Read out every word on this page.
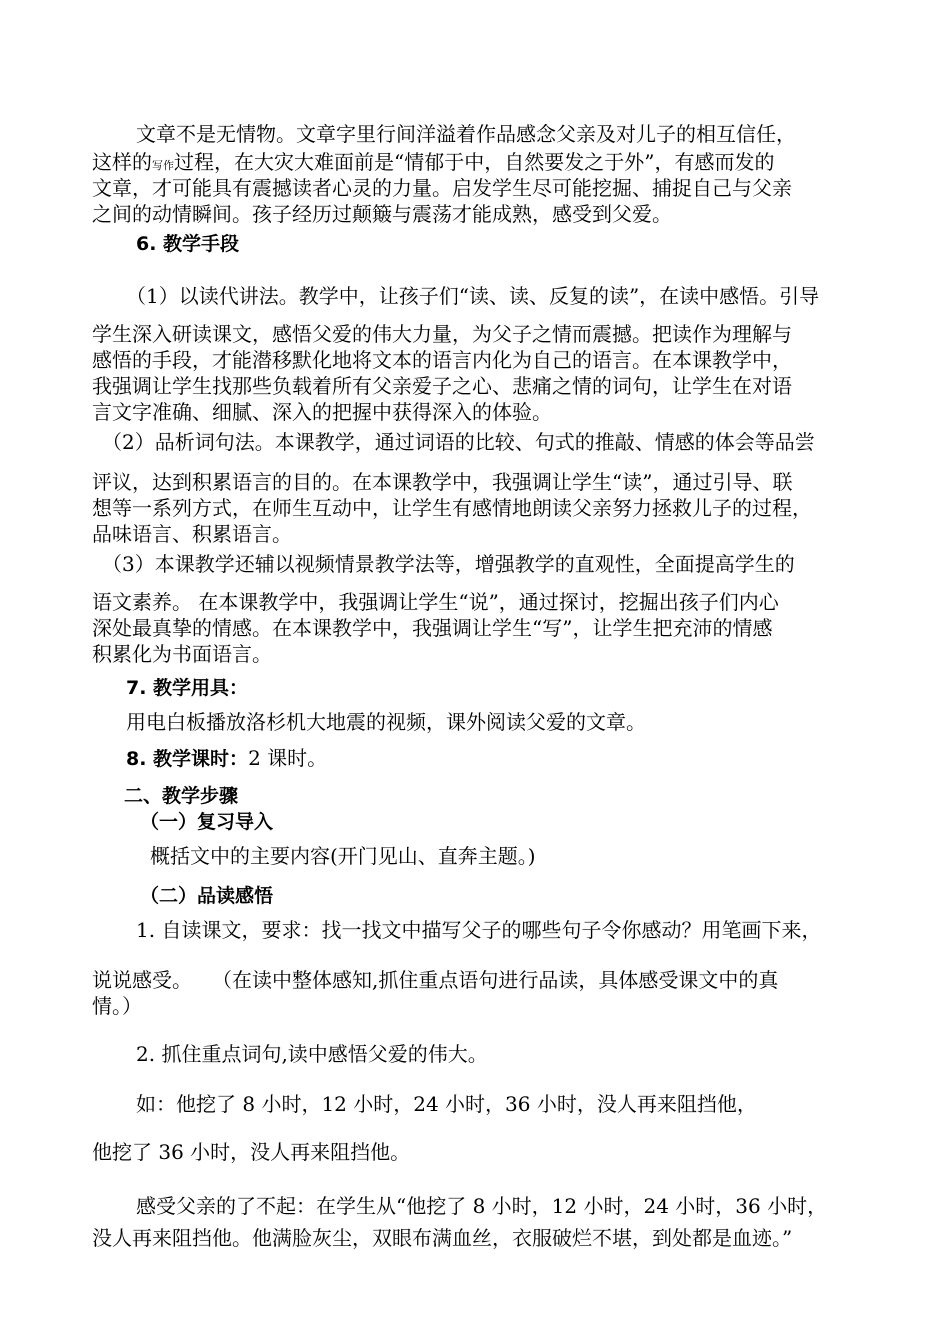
文章不是无情物。文章字里行间洋溢着作品感念父亲及对儿子的相互信任，
这样的写作过程，在大灾大难面前是“情郁于中，自然要发之于外”，有感而发的
文章，才可能具有震撼读者心灵的力量。启发学生尽可能挖掘、捕捉自己与父亲
之间的动情瞬间。孩子经历过颠簸与震荡才能成熟，感受到父爱。
6. 教学手段
（1）以读代讲法。教学中，让孩子们“读、读、反复的读”，在读中感悟。引导
学生深入研读课文，感悟父爱的伟大力量，为父子之情而震撼。把读作为理解与
感悟的手段，才能潜移默化地将文本的语言内化为自己的语言。在本课教学中，
我强调让学生找那些负载着所有父亲爱子之心、悲痛之情的词句，让学生在对语
言文字准确、细腻、深入的把握中获得深入的体验。
（2）品析词句法。本课教学，通过词语的比较、句式的推敲、情感的体会等品尝
评议，达到积累语言的目的。在本课教学中，我强调让学生“读”，通过引导、联
想等一系列方式，在师生互动中，让学生有感情地朗读父亲努力拯救儿子的过程，
品味语言、积累语言。
（3）本课教学还辅以视频情景教学法等，增强教学的直观性，全面提高学生的
语文素养。 在本课教学中，我强调让学生“说”，通过探讨，挖掘出孩子们内心
深处最真挚的情感。在本课教学中，我强调让学生“写”，让学生把充沛的情感
积累化为书面语言。
7. 教学用具：
用电白板播放洛杉机大地震的视频，课外阅读父爱的文章。
8. 教学课时：2 课时。
二、教学步骤
（一）复习导入
概括文中的主要内容(开门见山、直奔主题。)
（二）品读感悟
1. 自读课文，要求：找一找文中描写父子的哪些句子令你感动？用笔画下来，
说说感受。　　（在读中整体感知,抓住重点语句进行品读，具体感受课文中的真
情。）
2. 抓住重点词句,读中感悟父爱的伟大。
如：他挖了 8 小时，12 小时，24 小时，36 小时，没人再来阻挡他，
他挖了 36 小时，没人再来阻挡他。
感受父亲的了不起：在学生从“他挖了 8 小时，12 小时，24 小时，36 小时，
没人再来阻挡他。他满脸灰尘，双眼布满血丝，衣服破烂不堪，到处都是血迹。”
